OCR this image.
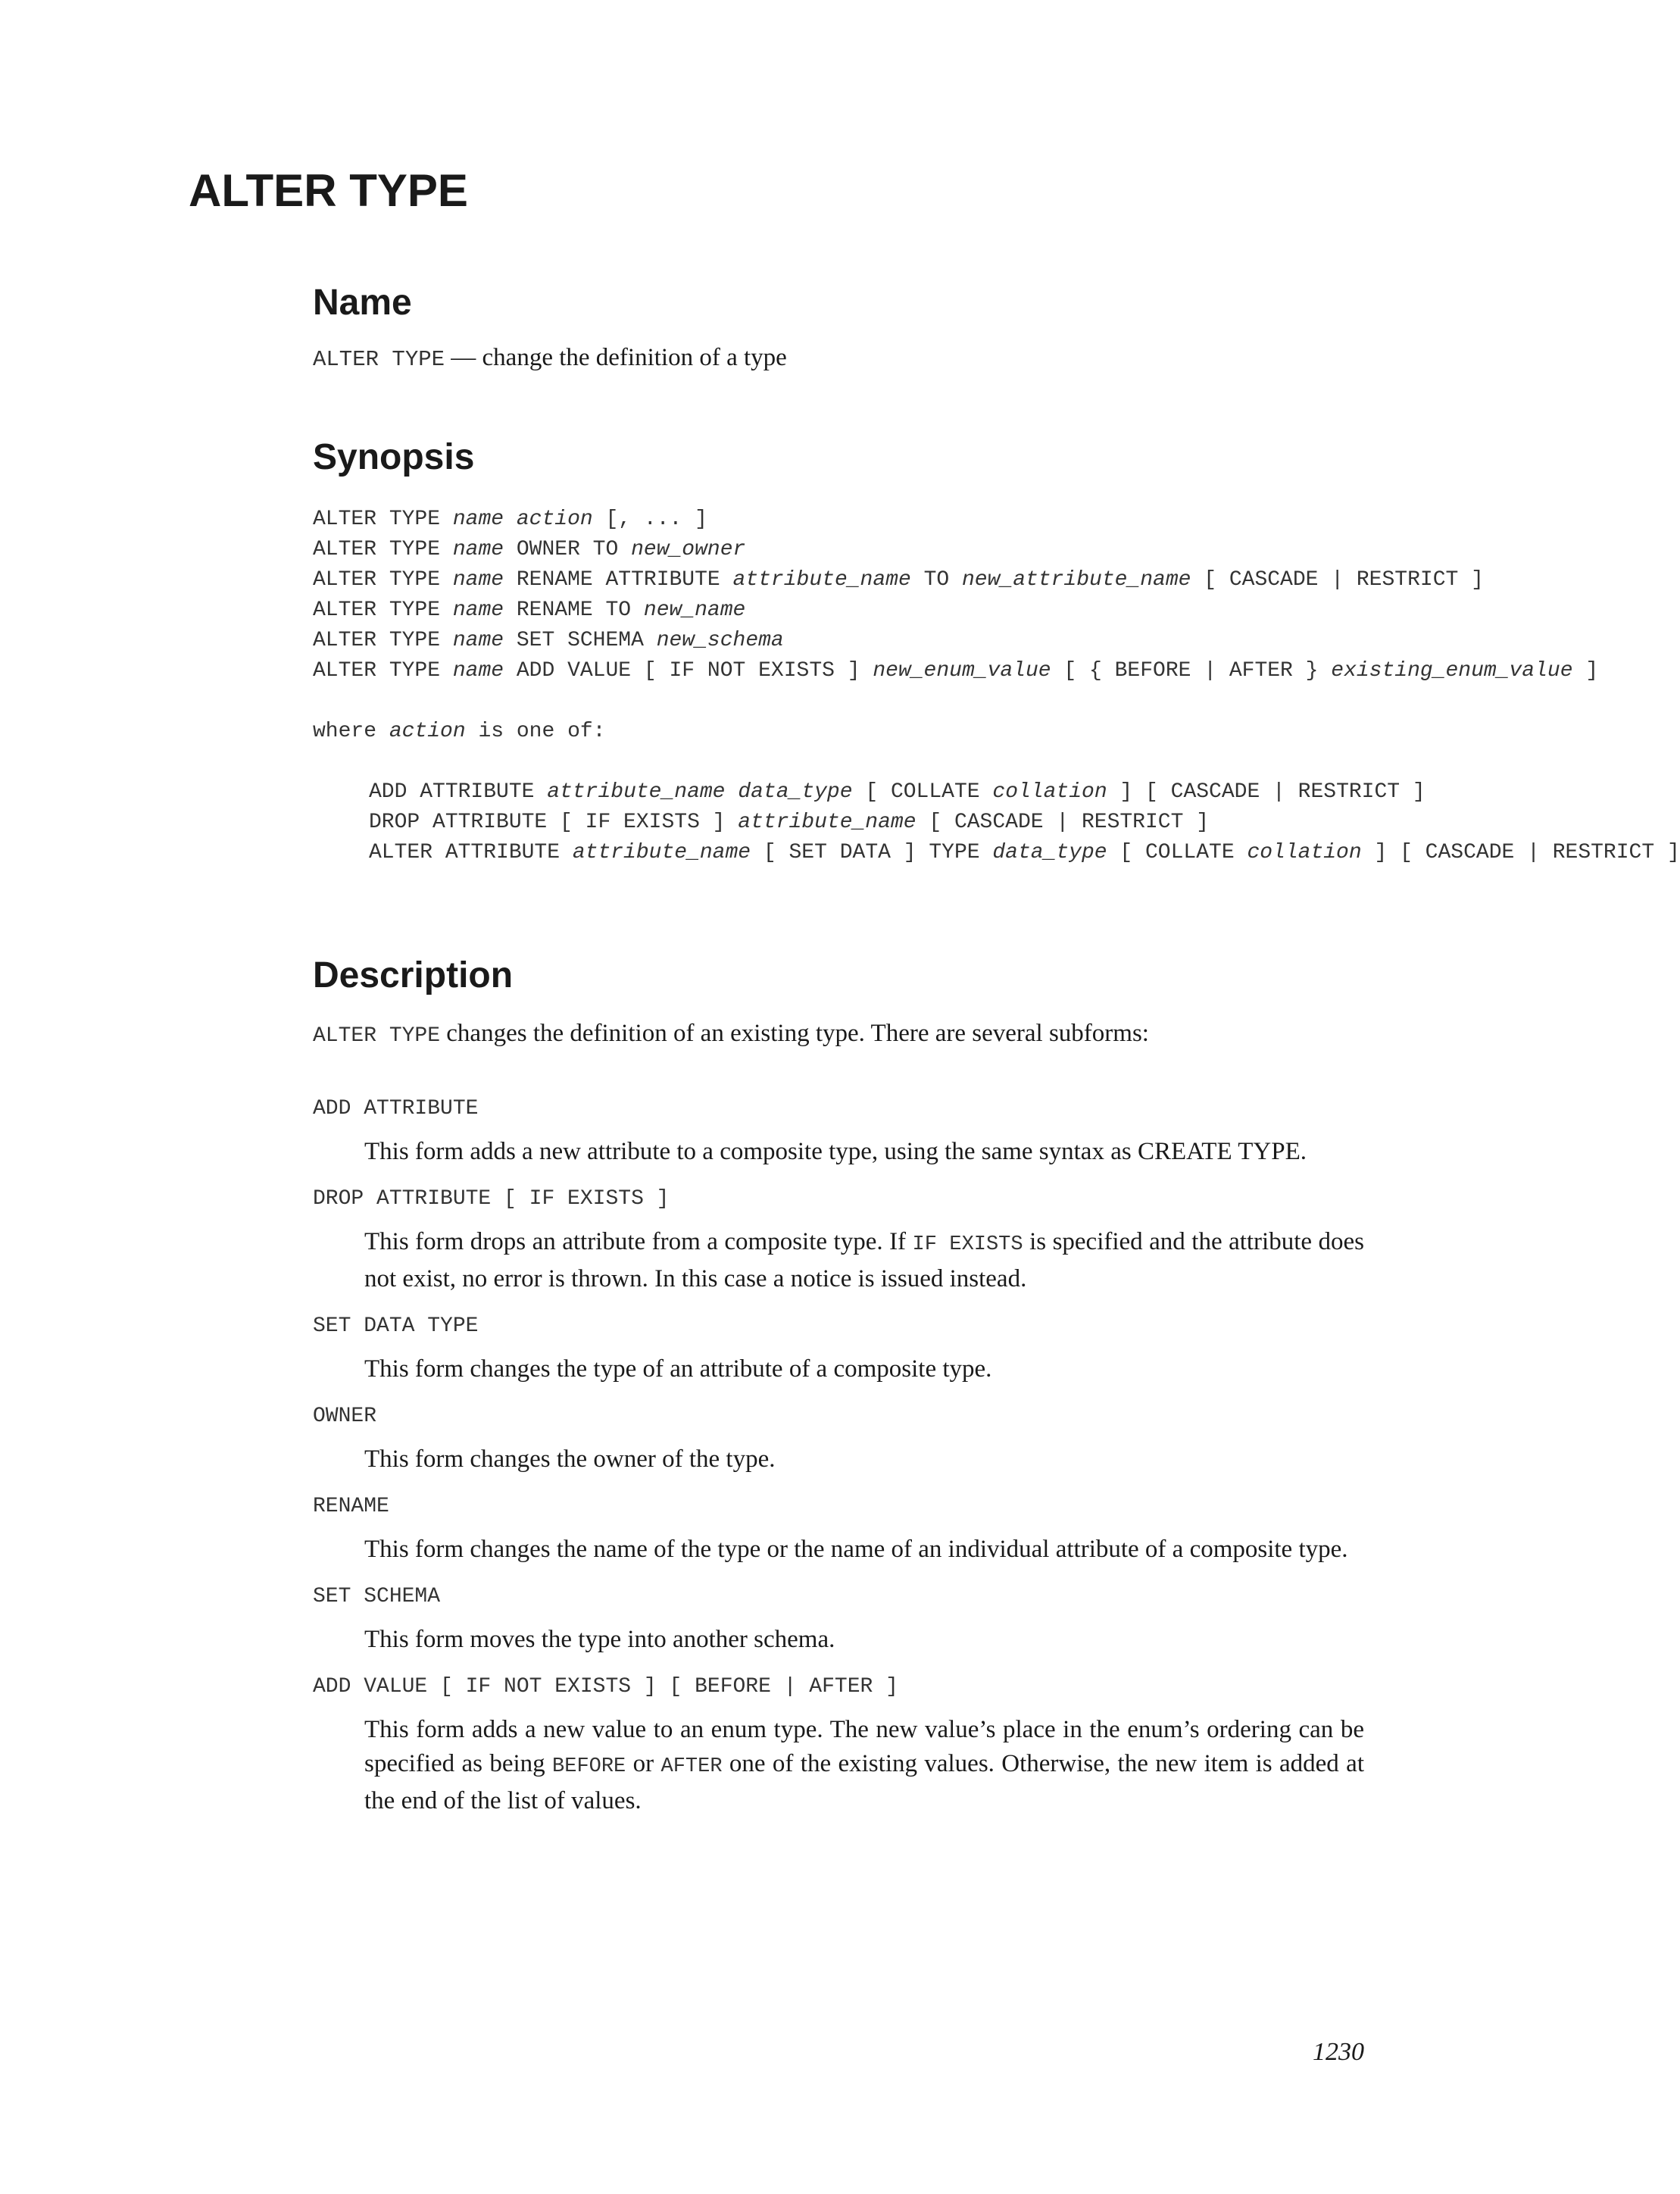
ALTER TYPE
Name
ALTER TYPE — change the definition of a type
Synopsis
ALTER TYPE name action [, ... ]
ALTER TYPE name OWNER TO new_owner
ALTER TYPE name RENAME ATTRIBUTE attribute_name TO new_attribute_name [ CASCADE | RESTRICT ]
ALTER TYPE name RENAME TO new_name
ALTER TYPE name SET SCHEMA new_schema
ALTER TYPE name ADD VALUE [ IF NOT EXISTS ] new_enum_value [ { BEFORE | AFTER } existing_enum_value ]
where action is one of:
ADD ATTRIBUTE attribute_name data_type [ COLLATE collation ] [ CASCADE | RESTRICT ]
DROP ATTRIBUTE [ IF EXISTS ] attribute_name [ CASCADE | RESTRICT ]
ALTER ATTRIBUTE attribute_name [ SET DATA ] TYPE data_type [ COLLATE collation ] [ CASCADE | RESTRICT ]
Description
ALTER TYPE changes the definition of an existing type. There are several subforms:
ADD ATTRIBUTE
This form adds a new attribute to a composite type, using the same syntax as CREATE TYPE.
DROP ATTRIBUTE [ IF EXISTS ]
This form drops an attribute from a composite type. If IF EXISTS is specified and the attribute does not exist, no error is thrown. In this case a notice is issued instead.
SET DATA TYPE
This form changes the type of an attribute of a composite type.
OWNER
This form changes the owner of the type.
RENAME
This form changes the name of the type or the name of an individual attribute of a composite type.
SET SCHEMA
This form moves the type into another schema.
ADD VALUE [ IF NOT EXISTS ] [ BEFORE | AFTER ]
This form adds a new value to an enum type. The new value’s place in the enum’s ordering can be specified as being BEFORE or AFTER one of the existing values. Otherwise, the new item is added at the end of the list of values.
1230
